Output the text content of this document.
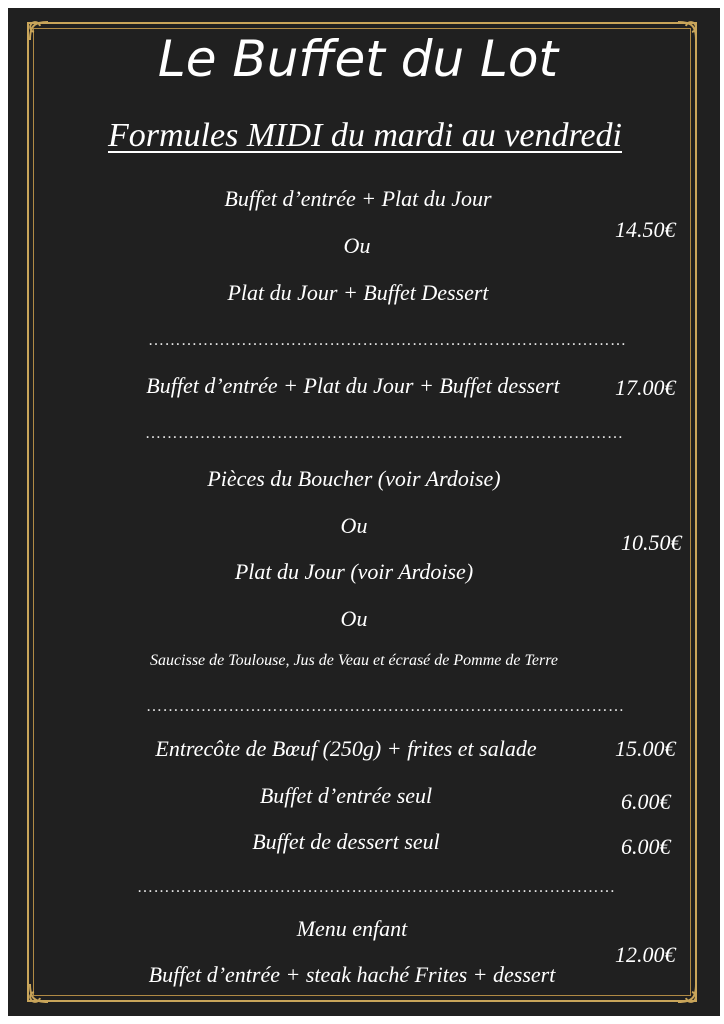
Le Buffet du Lot
Formules MIDI du mardi au vendredi
Buffet d’entrée + Plat du Jour
Ou
Plat du Jour + Buffet Dessert
14.50€
……………………………………………………………………………
Buffet d’entrée + Plat du Jour + Buffet dessert	17.00€
……………………………………………………………………………
Pièces du Boucher (voir Ardoise)
Ou
Plat du Jour (voir Ardoise)
Ou
Saucisse de Toulouse, Jus de Veau et écrasé de Pomme de Terre
10.50€
……………………………………………………………………………
Entrecôte de Bœuf (250g) + frites et salade	15.00€
Buffet d’entrée seul	6.00€
Buffet de dessert seul	6.00€
……………………………………………………………………………
Menu enfant
Buffet d’entrée + steak haché Frites + dessert
12.00€
